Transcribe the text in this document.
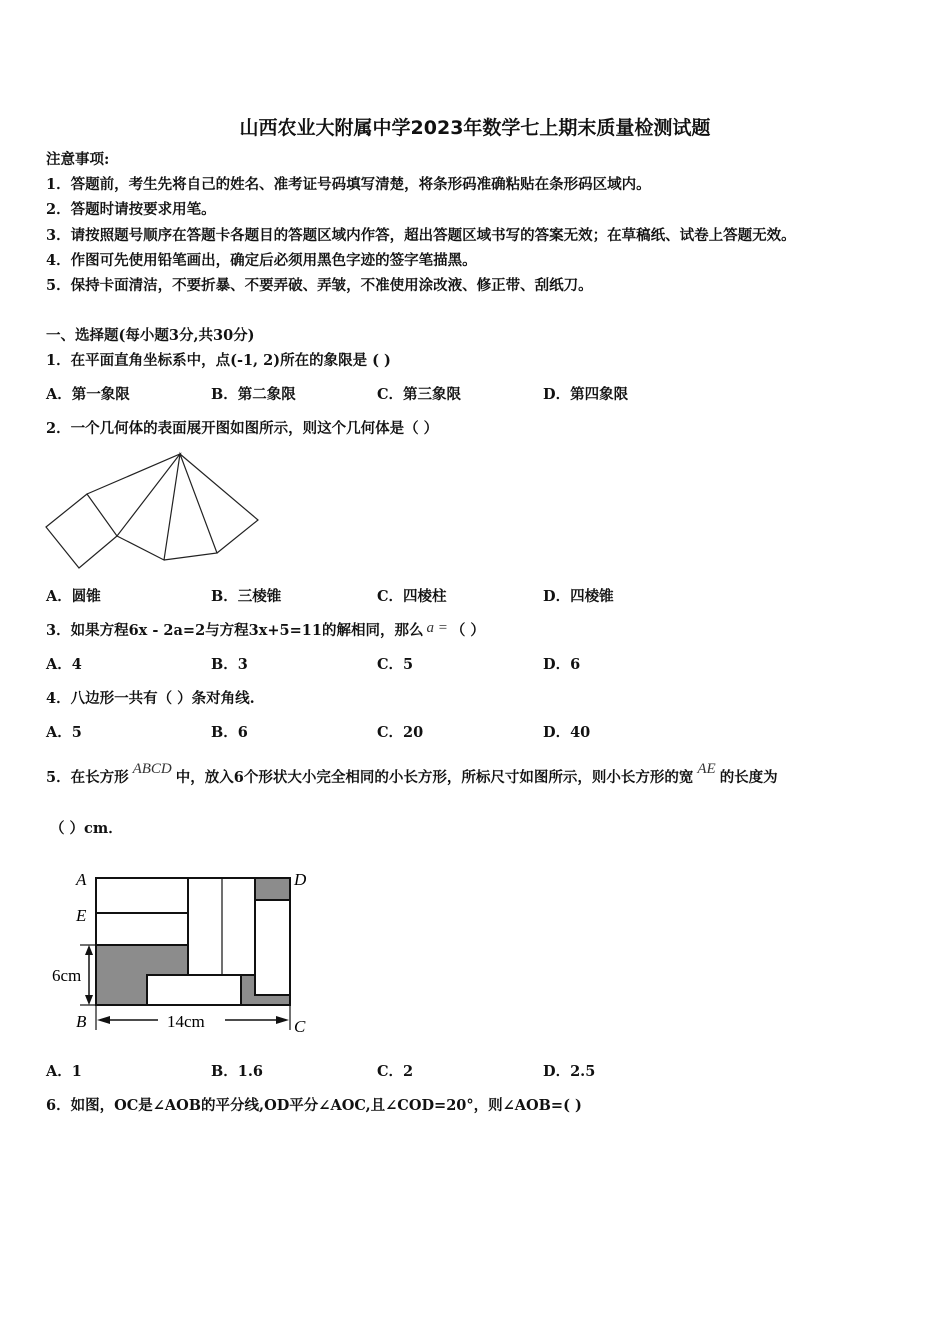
山西农业大附属中学2023年数学七上期末质量检测试题
注意事项:
1．答题前，考生先将自己的姓名、准考证号码填写清楚，将条形码准确粘贴在条形码区域内。
2．答题时请按要求用笔。
3．请按照题号顺序在答题卡各题目的答题区域内作答，超出答题区域书写的答案无效；在草稿纸、试卷上答题无效。
4．作图可先使用铅笔画出，确定后必须用黑色字迹的签字笔描黑。
5．保持卡面清洁，不要折暴、不要弄破、弄皱，不准使用涂改液、修正带、刮纸刀。
一、选择题(每小题3分,共30分)
1．在平面直角坐标系中，点(-1, 2)所在的象限是 ( )
A．第一象限	B．第二象限	C．第三象限	D．第四象限
2．一个几何体的表面展开图如图所示，则这个几何体是（ ）
A．圆锥	B．三棱锥	C．四棱柱	D．四棱锥
3．如果方程6x - 2a=2与方程3x+5=11的解相同，那么 a = （ ）
A．4	B．3	C．5	D．6
4．八边形一共有（ ）条对角线.
A．5	B．6	C．20	D．40
5．在长方形 ABCD 中，放入6个形状大小完全相同的小长方形，所标尺寸如图所示，则小长方形的宽 AE 的长度为
（ ）cm．
A
E
B
D
C
6cm
14cm
A．1	B．1.6	C．2	D．2.5
6．如图，OC是∠AOB的平分线,OD平分∠AOC,且∠COD=20°，则∠AOB=( )
